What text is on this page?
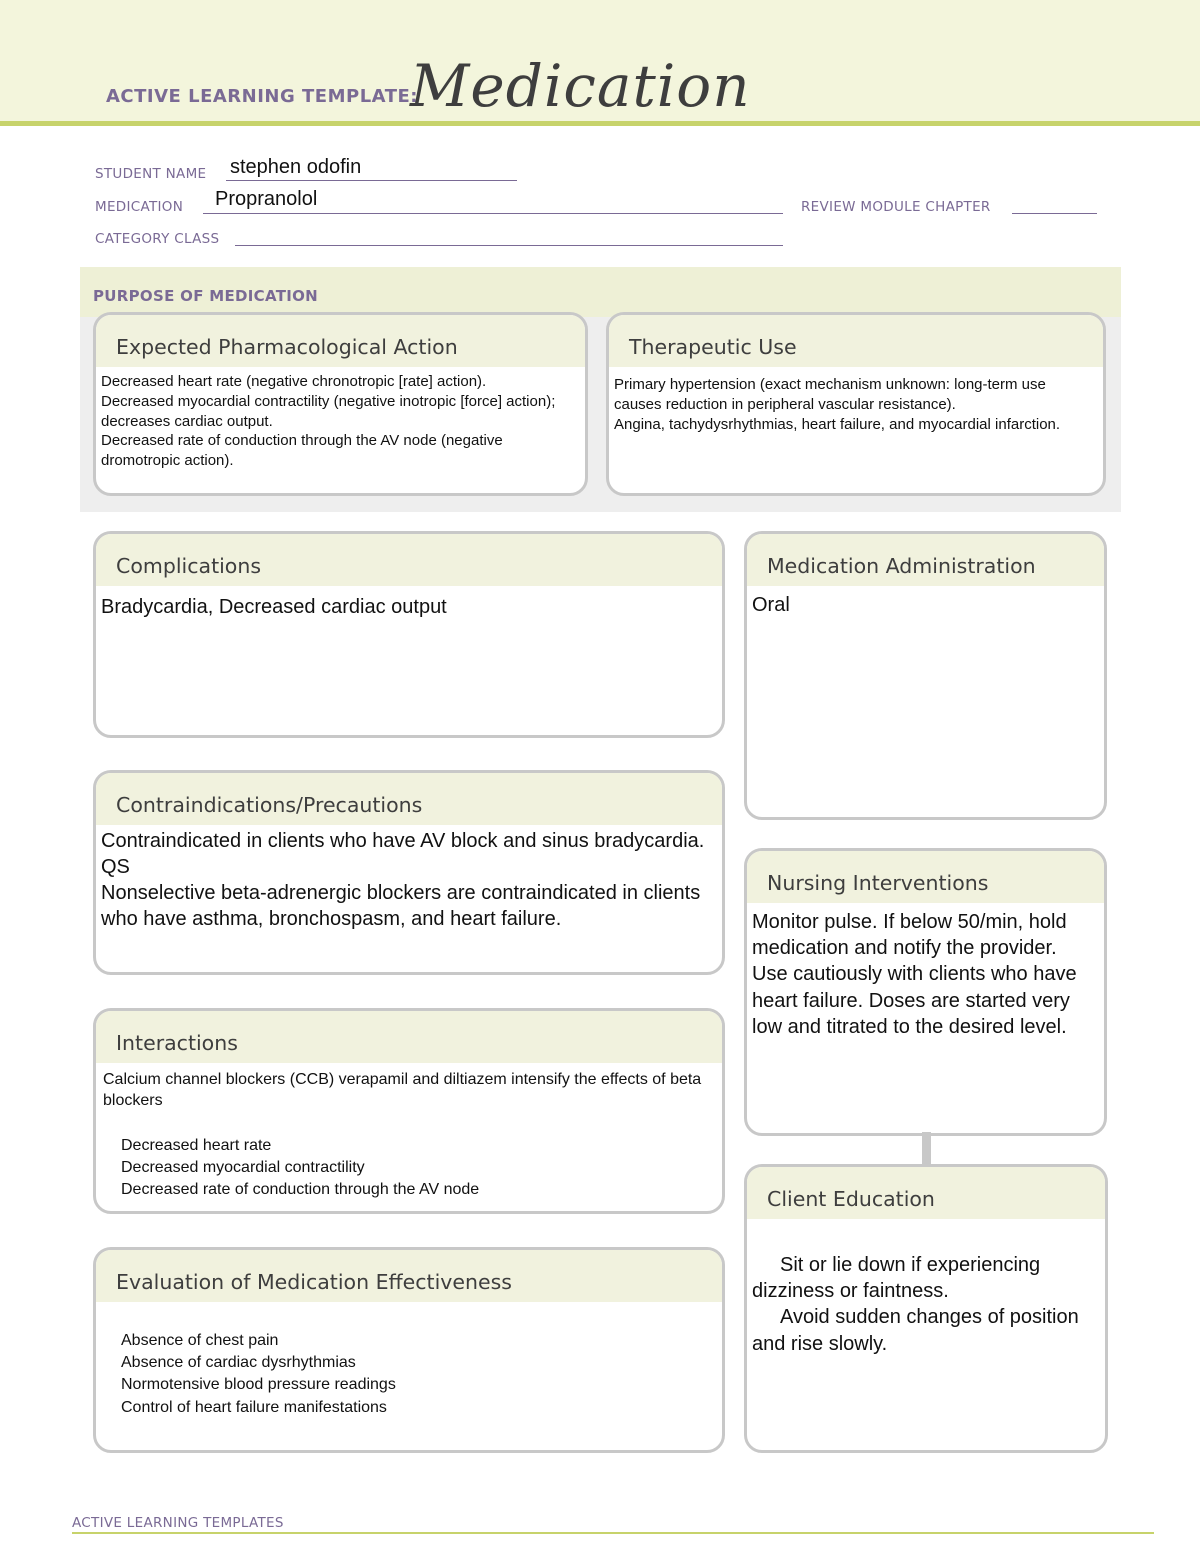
ACTIVE LEARNING TEMPLATE:
Medication
STUDENT NAME stephen odofin
MEDICATION Propranolol	REVIEW MODULE CHAPTER
CATEGORY CLASS
PURPOSE OF MEDICATION
Expected Pharmacological Action

Decreased heart rate (negative chronotropic [rate] action).

Decreased myocardial contractility (negative inotropic [force] action); decreases cardiac output.

Decreased rate of conduction through the AV node (negative dromotropic action).

Therapeutic Use

Primary hypertension (exact mechanism unknown: long-term use causes reduction in peripheral vascular resistance).

Angina, tachydysrhythmias, heart failure, and myocardial infarction.

Complications
Bradycardia, Decreased cardiac output
Medication Administration
Oral
Contraindications/Precautions

Contraindicated in clients who have AV block and sinus bradycardia. QS

Nonselective beta-adrenergic blockers are contraindicated in clients who have asthma, bronchospasm, and heart failure.

Nursing Interventions

Monitor pulse. If below 50/min, hold medication and notify the provider.

Use cautiously with clients who have heart failure. Doses are started very low and titrated to the desired level.

Interactions

Calcium channel blockers (CCB) verapamil and diltiazem intensify the effects of beta blockers

Decreased heart rate

Decreased myocardial contractility

Decreased rate of conduction through the AV node	Client Education

Sit or lie down if experiencing dizziness or faintness.

Avoid sudden changes of position and rise slowly.

Evaluation of Medication Effectiveness

Absence of chest pain

Absence of cardiac dysrhythmias

Normotensive blood pressure readings

Control of heart failure manifestations

ACTIVE LEARNING TEMPLATES
